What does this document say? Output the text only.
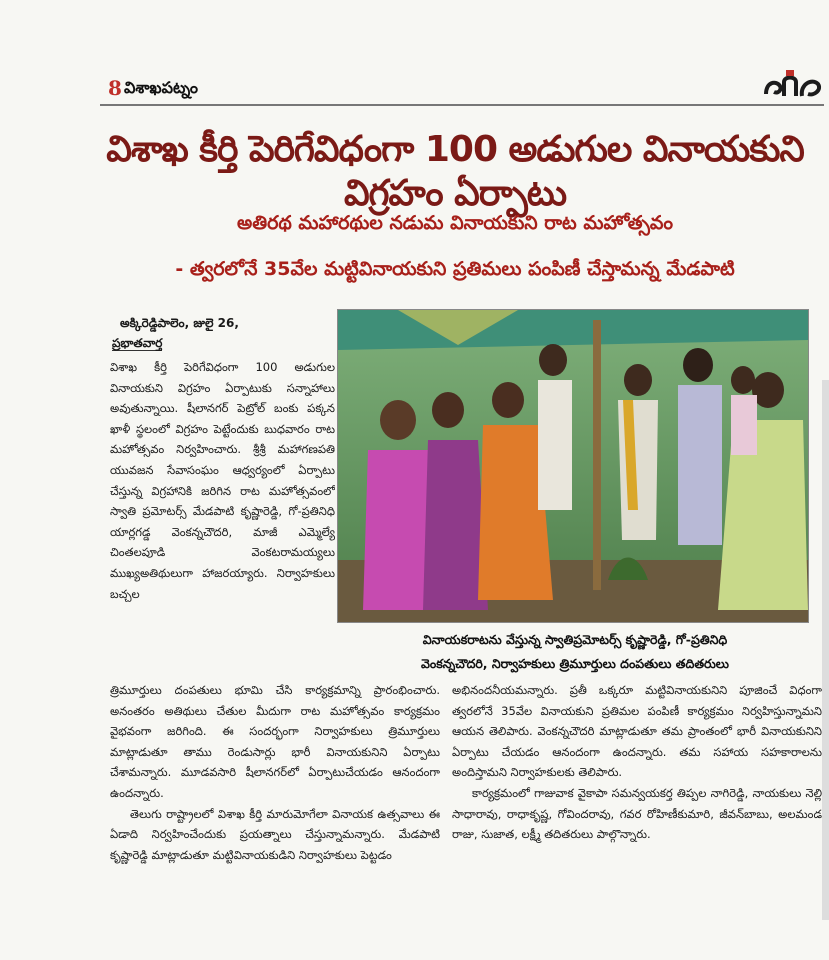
8 విశాఖపట్నం
విశాఖ కీర్తి పెరిగేవిధంగా 100 అడుగుల వినాయకుని విగ్రహం ఏర్పాటు
అతిరథ మహారథుల నడుమ వినాయకుని రాట మహోత్సవం
- త్వరలోనే 35వేల మట్టివినాయకుని ప్రతిమలు పంపిణీ చేస్తామన్న మేడపాటి
అక్కిరెడ్డిపాలెం, జులై 26,
ప్రభాతవార్త

విశాఖ కీర్తి పెరిగేవిధంగా 100 అడుగుల వినాయకుని విగ్రహం ఏర్పాటుకు సన్నాహాలు అవుతున్నాయి. షీలానగర్ పెట్రోల్ బంకు పక్కన ఖాళీ స్థలంలో విగ్రహం పెట్టేందుకు బుధవారం రాట మహోత్సవం నిర్వహించారు. శ్రీశ్రీ మహాగణపతి యువజన సేవాసంఘం ఆధ్వర్యంలో ఏర్పాటు చేస్తున్న విగ్రహానికి జరిగిన రాట మహోత్సవంలో స్వాతి ప్రమోటర్స్ మేడపాటి కృష్ణారెడ్డి, గో-ప్రతినిధి యార్లగడ్డ వెంకన్నచౌదరి, మాజీ ఎమ్మెల్యే చింతలపూడి వెంకటరామయ్యలు ముఖ్యఅతిథులుగా హాజరయ్యారు. నిర్వాహకులు బచ్చల

వినాయకరాటను వేస్తున్న స్వాతిప్రమోటర్స్ కృష్ణారెడ్డి, గో-ప్రతినిధి
వెంకన్నచౌదరి, నిర్వాహకులు త్రిమూర్తులు దంపతులు తదితరులు

త్రిమూర్తులు దంపతులు భూమి చేసి కార్యక్రమాన్ని ప్రారంభించారు. అనంతరం అతిథులు చేతుల మీదుగా రాట మహోత్సవం కార్యక్రమం వైభవంగా జరిగింది. ఈ సందర్భంగా నిర్వాహకులు త్రిమూర్తులు మాట్లాడుతూ తాము రెండుసార్లు భారీ వినాయకునిని ఏర్పాటు చేశామన్నారు. మూడవసారి షీలానగర్‌లో ఏర్పాటుచేయడం ఆనందంగా ఉందన్నారు.

తెలుగు రాష్ట్రాలలో విశాఖ కీర్తి మారుమోగేలా వినాయక ఉత్సవాలు ఈ ఏడాది నిర్వహించేందుకు ప్రయత్నాలు చేస్తున్నామన్నారు. మేడపాటి కృష్ణారెడ్డి మాట్లాడుతూ మట్టివినాయకుడిని నిర్వాహకులు పెట్టడం

అభినందనీయమన్నారు. ప్రతీ ఒక్కరూ మట్టివినాయకునిని పూజించే విధంగా త్వరలోనే 35వేల వినాయకుని ప్రతిమల పంపిణీ కార్యక్రమం నిర్వహిస్తున్నామని ఆయన తెలిపారు. వెంకన్నచౌదరి మాట్లాడుతూ తమ ప్రాంతంలో భారీ వినాయకునిని ఏర్పాటు చేయడం ఆనందంగా ఉందన్నారు. తమ సహాయ సహకారాలను అందిస్తామని నిర్వాహకులకు తెలిపారు.

కార్యక్రమంలో గాజువాక వైకాపా సమన్వయకర్త తిప్పల నాగిరెడ్డి, నాయకులు నెల్లి సాధారావు, రాధాకృష్ణ, గోవిందరావు, గవర రోహిణీకుమారి, జీవన్‌బాబు, అలమండ రాజు, సుజాత, లక్ష్మీ తదితరులు పాల్గొన్నారు.
